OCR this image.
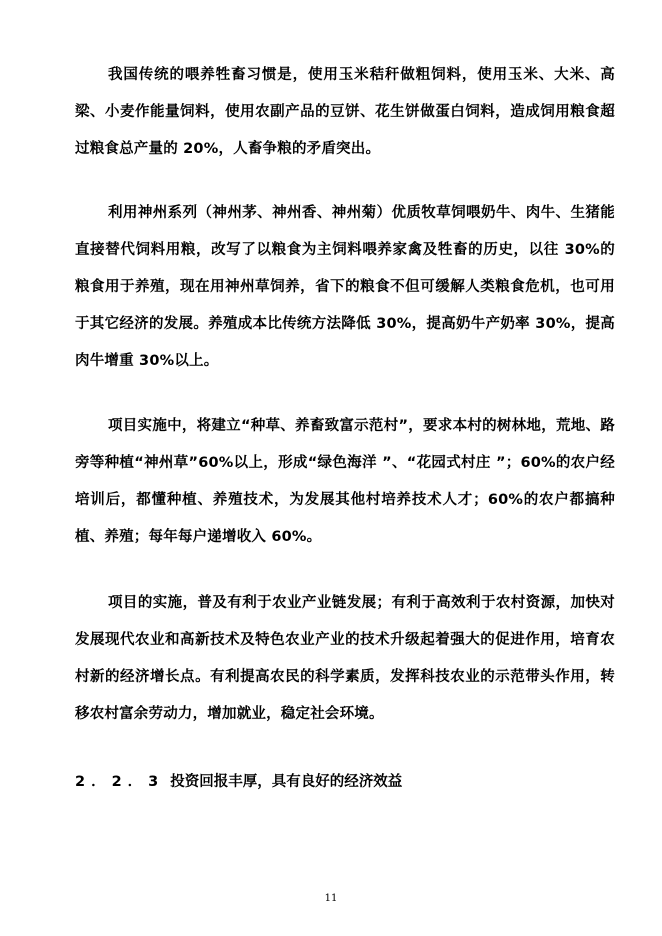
我国传统的喂养牲畜习惯是，使用玉米秸秆做粗饲料，使用玉米、大米、高梁、小麦作能量饲料，使用农副产品的豆饼、花生饼做蛋白饲料，造成饲用粮食超过粮食总产量的 20%，人畜争粮的矛盾突出。

利用神州系列（神州茅、神州香、神州菊）优质牧草饲喂奶牛、肉牛、生猪能直接替代饲料用粮，改写了以粮食为主饲料喂养家禽及牲畜的历史，以往 30%的粮食用于养殖，现在用神州草饲养，省下的粮食不但可缓解人类粮食危机，也可用于其它经济的发展。养殖成本比传统方法降低 30%，提高奶牛产奶率 30%，提高肉牛增重 30%以上。

项目实施中，将建立“种草、养畜致富示范村”，要求本村的树林地，荒地、路旁等种植“神州草”60%以上，形成“绿色海洋 ”、“花园式村庄 ”；60%的农户经培训后，都懂种植、养殖技术，为发展其他村培养技术人才；60%的农户都搞种植、养殖；每年每户递增收入 60%。

项目的实施，普及有利于农业产业链发展；有利于高效利于农村资源，加快对发展现代农业和高新技术及特色农业产业的技术升级起着强大的促进作用，培育农村新的经济增长点。有利提高农民的科学素质，发挥科技农业的示范带头作用，转移农村富余劳动力，增加就业，稳定社会环境。

2．2．3 投资回报丰厚，具有良好的经济效益
11
